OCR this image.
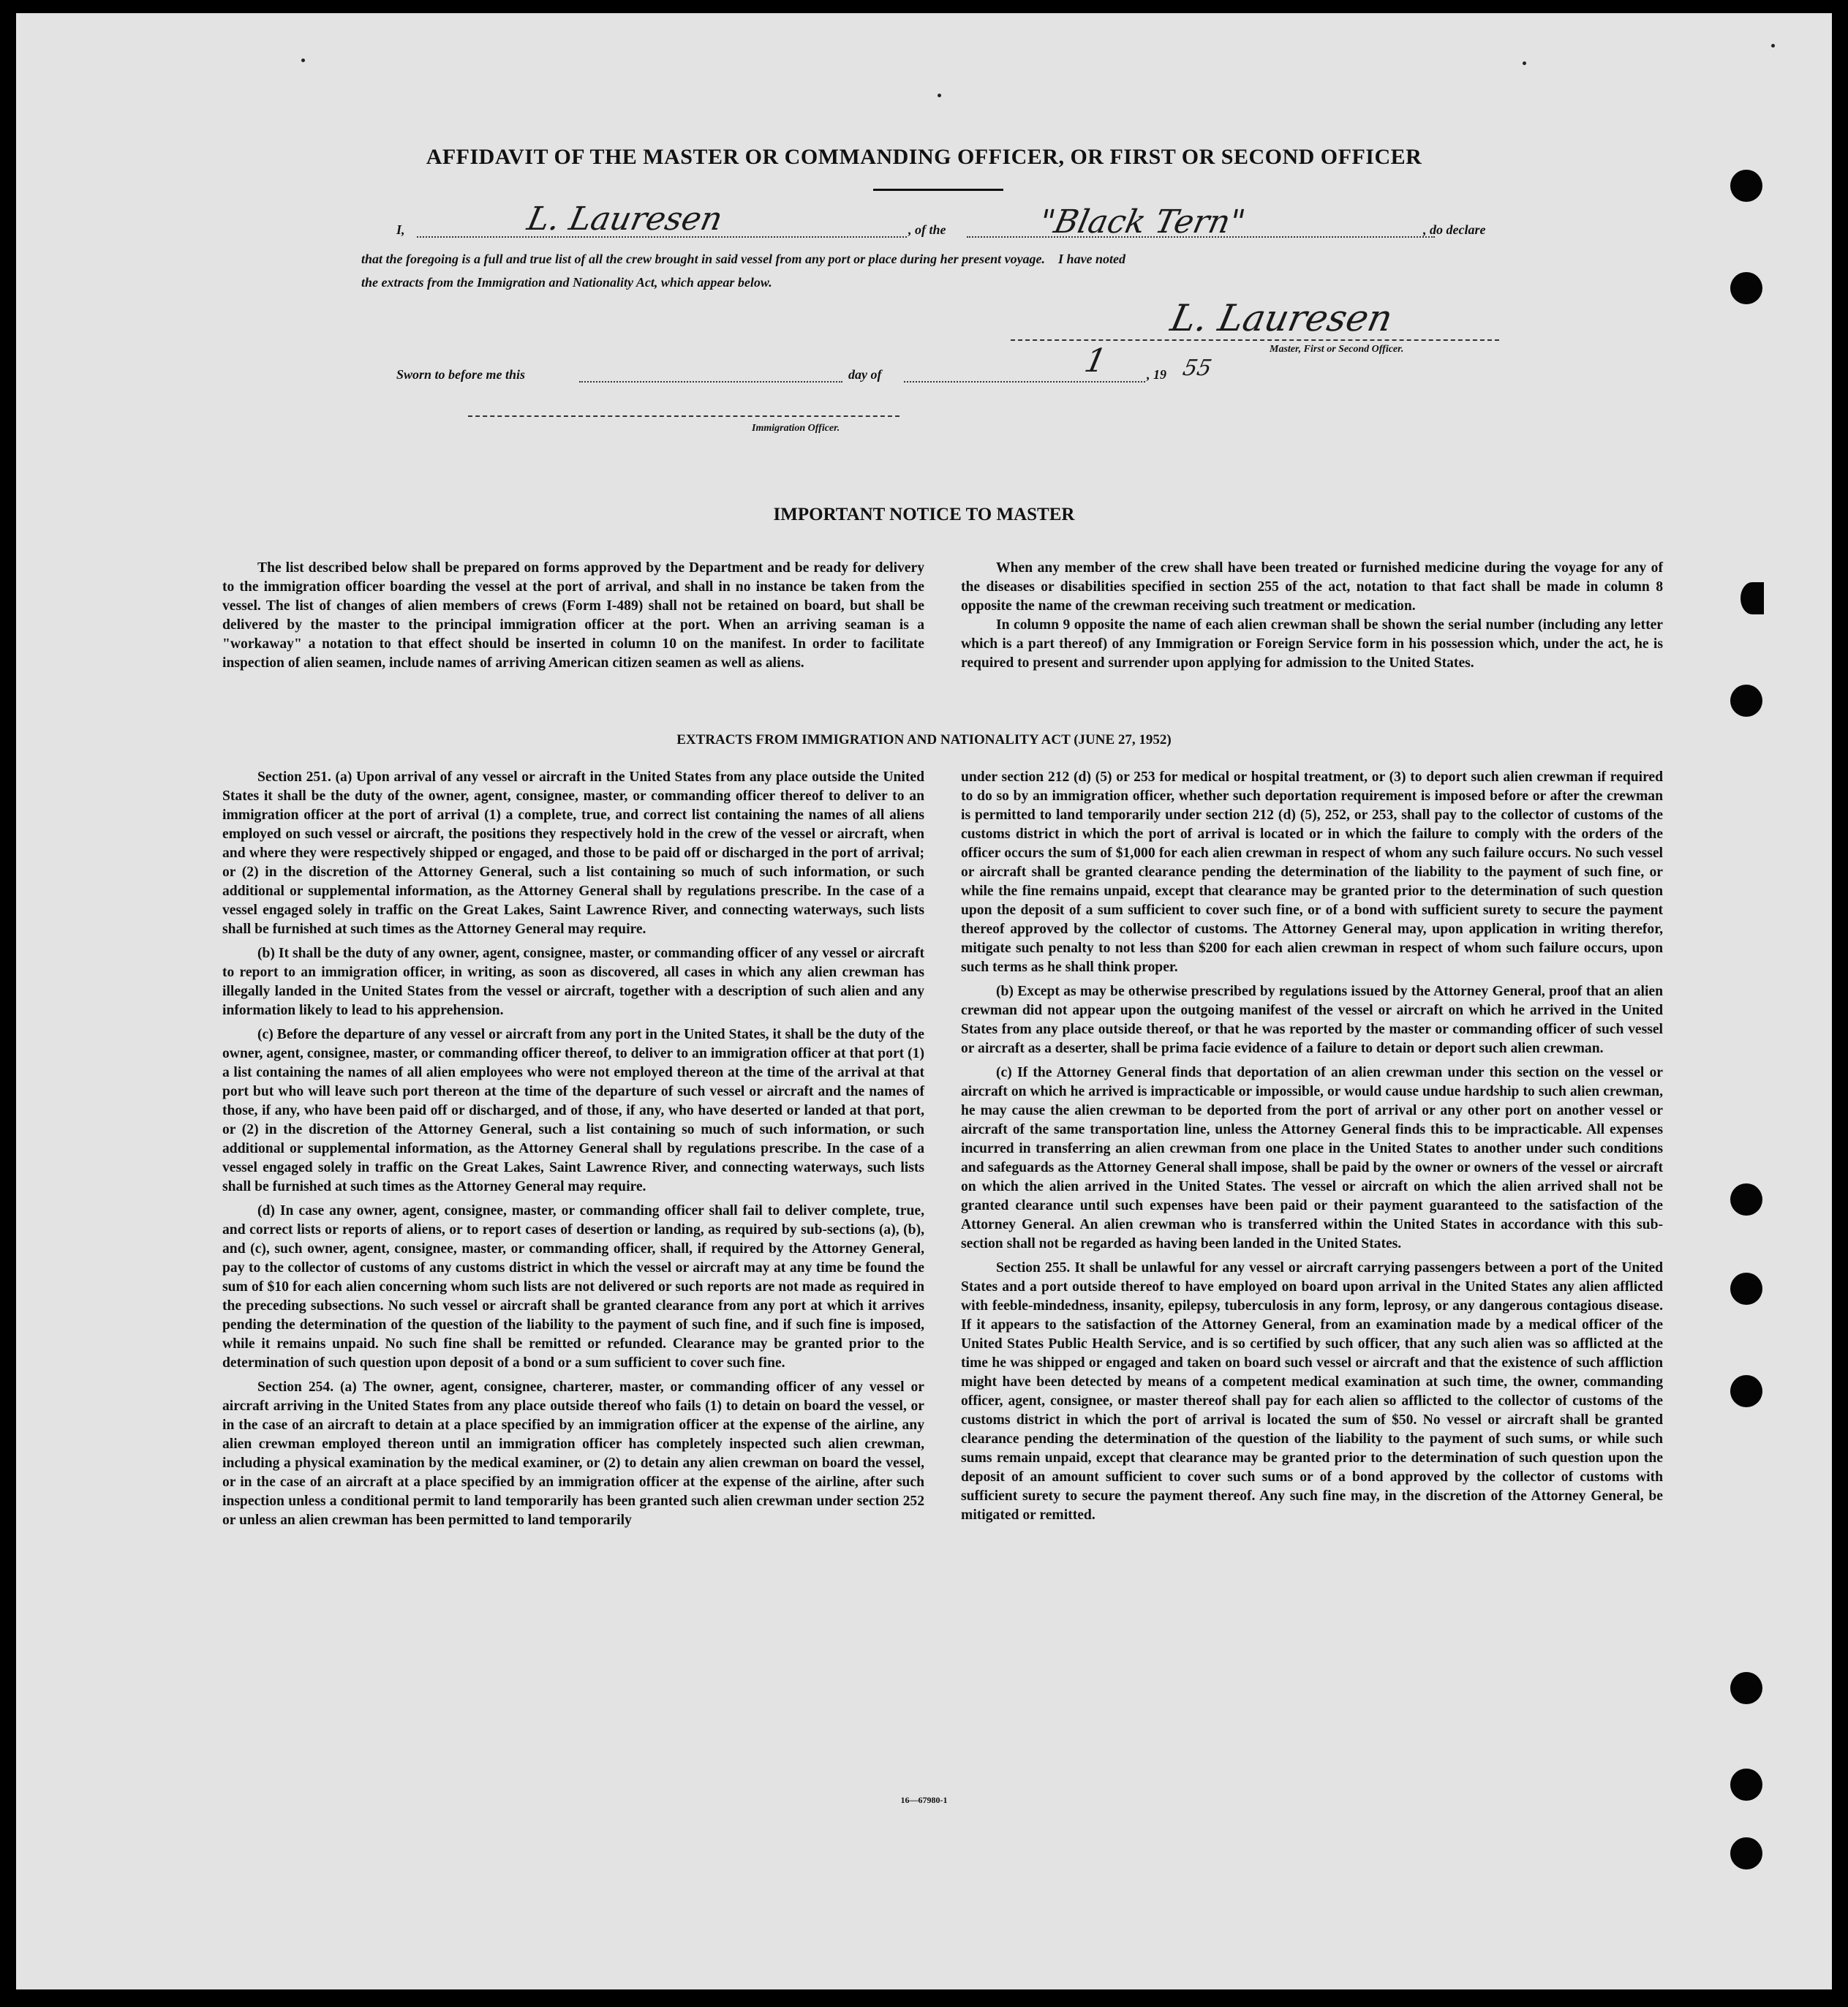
AFFIDAVIT OF THE MASTER OR COMMANDING OFFICER, OR FIRST OR SECOND OFFICER
I,	L. Lauresen	, of the	"Black Tern"	, do declare
that the foregoing is a full and true list of all the crew brought in said vessel from any port or place during her present voyage.    I have noted
the extracts from the Immigration and Nationality Act, which appear below.
L. Lauresen
Master, First or Second Officer.
Sworn to before me this	day of	1	, 19 55
Immigration Officer.
IMPORTANT NOTICE TO MASTER

The list described below shall be prepared on forms approved by the Department and be ready for delivery to the immigration officer boarding the vessel at the port of arrival, and shall in no instance be taken from the vessel. The list of changes of alien members of crews (Form I-489) shall not be retained on board, but shall be delivered by the master to the principal immigration officer at the port. When an arriving seaman is a "workaway" a notation to that effect should be inserted in column 10 on the manifest. In order to facilitate inspection of alien seamen, include names of arriving American citizen seamen as well as aliens.

When any member of the crew shall have been treated or furnished medicine during the voyage for any of the diseases or disabilities specified in section 255 of the act, notation to that fact shall be made in column 8 opposite the name of the crewman receiving such treatment or medication.

In column 9 opposite the name of each alien crewman shall be shown the serial number (including any letter which is a part thereof) of any Immigration or Foreign Service form in his possession which, under the act, he is required to present and surrender upon applying for admission to the United States.

EXTRACTS FROM IMMIGRATION AND NATIONALITY ACT (JUNE 27, 1952)

Section 251. (a) Upon arrival of any vessel or aircraft in the United States from any place outside the United States it shall be the duty of the owner, agent, consignee, master, or commanding officer thereof to deliver to an immigration officer at the port of arrival (1) a complete, true, and correct list containing the names of all aliens employed on such vessel or aircraft, the positions they respectively hold in the crew of the vessel or aircraft, when and where they were respectively shipped or engaged, and those to be paid off or discharged in the port of arrival; or (2) in the discretion of the Attorney General, such a list containing so much of such information, or such additional or supplemental information, as the Attorney General shall by regulations prescribe. In the case of a vessel engaged solely in traffic on the Great Lakes, Saint Lawrence River, and connecting waterways, such lists shall be furnished at such times as the Attorney General may require.

(b) It shall be the duty of any owner, agent, consignee, master, or commanding officer of any vessel or aircraft to report to an immigration officer, in writing, as soon as discovered, all cases in which any alien crewman has illegally landed in the United States from the vessel or aircraft, together with a description of such alien and any information likely to lead to his apprehension.

(c) Before the departure of any vessel or aircraft from any port in the United States, it shall be the duty of the owner, agent, consignee, master, or commanding officer thereof, to deliver to an immigration officer at that port (1) a list containing the names of all alien employees who were not employed thereon at the time of the arrival at that port but who will leave such port thereon at the time of the departure of such vessel or aircraft and the names of those, if any, who have been paid off or discharged, and of those, if any, who have deserted or landed at that port, or (2) in the discretion of the Attorney General, such a list containing so much of such information, or such additional or supplemental information, as the Attorney General shall by regulations prescribe. In the case of a vessel engaged solely in traffic on the Great Lakes, Saint Lawrence River, and connecting waterways, such lists shall be furnished at such times as the Attorney General may require.

(d) In case any owner, agent, consignee, master, or commanding officer shall fail to deliver complete, true, and correct lists or reports of aliens, or to report cases of desertion or landing, as required by sub-sections (a), (b), and (c), such owner, agent, consignee, master, or commanding officer, shall, if required by the Attorney General, pay to the collector of customs of any customs district in which the vessel or aircraft may at any time be found the sum of $10 for each alien concerning whom such lists are not delivered or such reports are not made as required in the preceding subsections. No such vessel or aircraft shall be granted clearance from any port at which it arrives pending the determination of the question of the liability to the payment of such fine, and if such fine is imposed, while it remains unpaid. No such fine shall be remitted or refunded. Clearance may be granted prior to the determination of such question upon deposit of a bond or a sum sufficient to cover such fine.

Section 254. (a) The owner, agent, consignee, charterer, master, or commanding officer of any vessel or aircraft arriving in the United States from any place outside thereof who fails (1) to detain on board the vessel, or in the case of an aircraft to detain at a place specified by an immigration officer at the expense of the airline, any alien crewman employed thereon until an immigration officer has completely inspected such alien crewman, including a physical examination by the medical examiner, or (2) to detain any alien crewman on board the vessel, or in the case of an aircraft at a place specified by an immigration officer at the expense of the airline, after such inspection unless a conditional permit to land temporarily has been granted such alien crewman under section 252 or unless an alien crewman has been permitted to land temporarily

under section 212 (d) (5) or 253 for medical or hospital treatment, or (3) to deport such alien crewman if required to do so by an immigration officer, whether such deportation requirement is imposed before or after the crewman is permitted to land temporarily under section 212 (d) (5), 252, or 253, shall pay to the collector of customs of the customs district in which the port of arrival is located or in which the failure to comply with the orders of the officer occurs the sum of $1,000 for each alien crewman in respect of whom any such failure occurs. No such vessel or aircraft shall be granted clearance pending the determination of the liability to the payment of such fine, or while the fine remains unpaid, except that clearance may be granted prior to the determination of such question upon the deposit of a sum sufficient to cover such fine, or of a bond with sufficient surety to secure the payment thereof approved by the collector of customs. The Attorney General may, upon application in writing therefor, mitigate such penalty to not less than $200 for each alien crewman in respect of whom such failure occurs, upon such terms as he shall think proper.

(b) Except as may be otherwise prescribed by regulations issued by the Attorney General, proof that an alien crewman did not appear upon the outgoing manifest of the vessel or aircraft on which he arrived in the United States from any place outside thereof, or that he was reported by the master or commanding officer of such vessel or aircraft as a deserter, shall be prima facie evidence of a failure to detain or deport such alien crewman.

(c) If the Attorney General finds that deportation of an alien crewman under this section on the vessel or aircraft on which he arrived is impracticable or impossible, or would cause undue hardship to such alien crewman, he may cause the alien crewman to be deported from the port of arrival or any other port on another vessel or aircraft of the same transportation line, unless the Attorney General finds this to be impracticable. All expenses incurred in transferring an alien crewman from one place in the United States to another under such conditions and safeguards as the Attorney General shall impose, shall be paid by the owner or owners of the vessel or aircraft on which the alien arrived in the United States. The vessel or aircraft on which the alien arrived shall not be granted clearance until such expenses have been paid or their payment guaranteed to the satisfaction of the Attorney General. An alien crewman who is transferred within the United States in accordance with this sub-section shall not be regarded as having been landed in the United States.

Section 255. It shall be unlawful for any vessel or aircraft carrying passengers between a port of the United States and a port outside thereof to have employed on board upon arrival in the United States any alien afflicted with feeble-mindedness, insanity, epilepsy, tuberculosis in any form, leprosy, or any dangerous contagious disease. If it appears to the satisfaction of the Attorney General, from an examination made by a medical officer of the United States Public Health Service, and is so certified by such officer, that any such alien was so afflicted at the time he was shipped or engaged and taken on board such vessel or aircraft and that the existence of such affliction might have been detected by means of a competent medical examination at such time, the owner, commanding officer, agent, consignee, or master thereof shall pay for each alien so afflicted to the collector of customs of the customs district in which the port of arrival is located the sum of $50. No vessel or aircraft shall be granted clearance pending the determination of the question of the liability to the payment of such sums, or while such sums remain unpaid, except that clearance may be granted prior to the determination of such question upon the deposit of an amount sufficient to cover such sums or of a bond approved by the collector of customs with sufficient surety to secure the payment thereof. Any such fine may, in the discretion of the Attorney General, be mitigated or remitted.

16—67980-1
